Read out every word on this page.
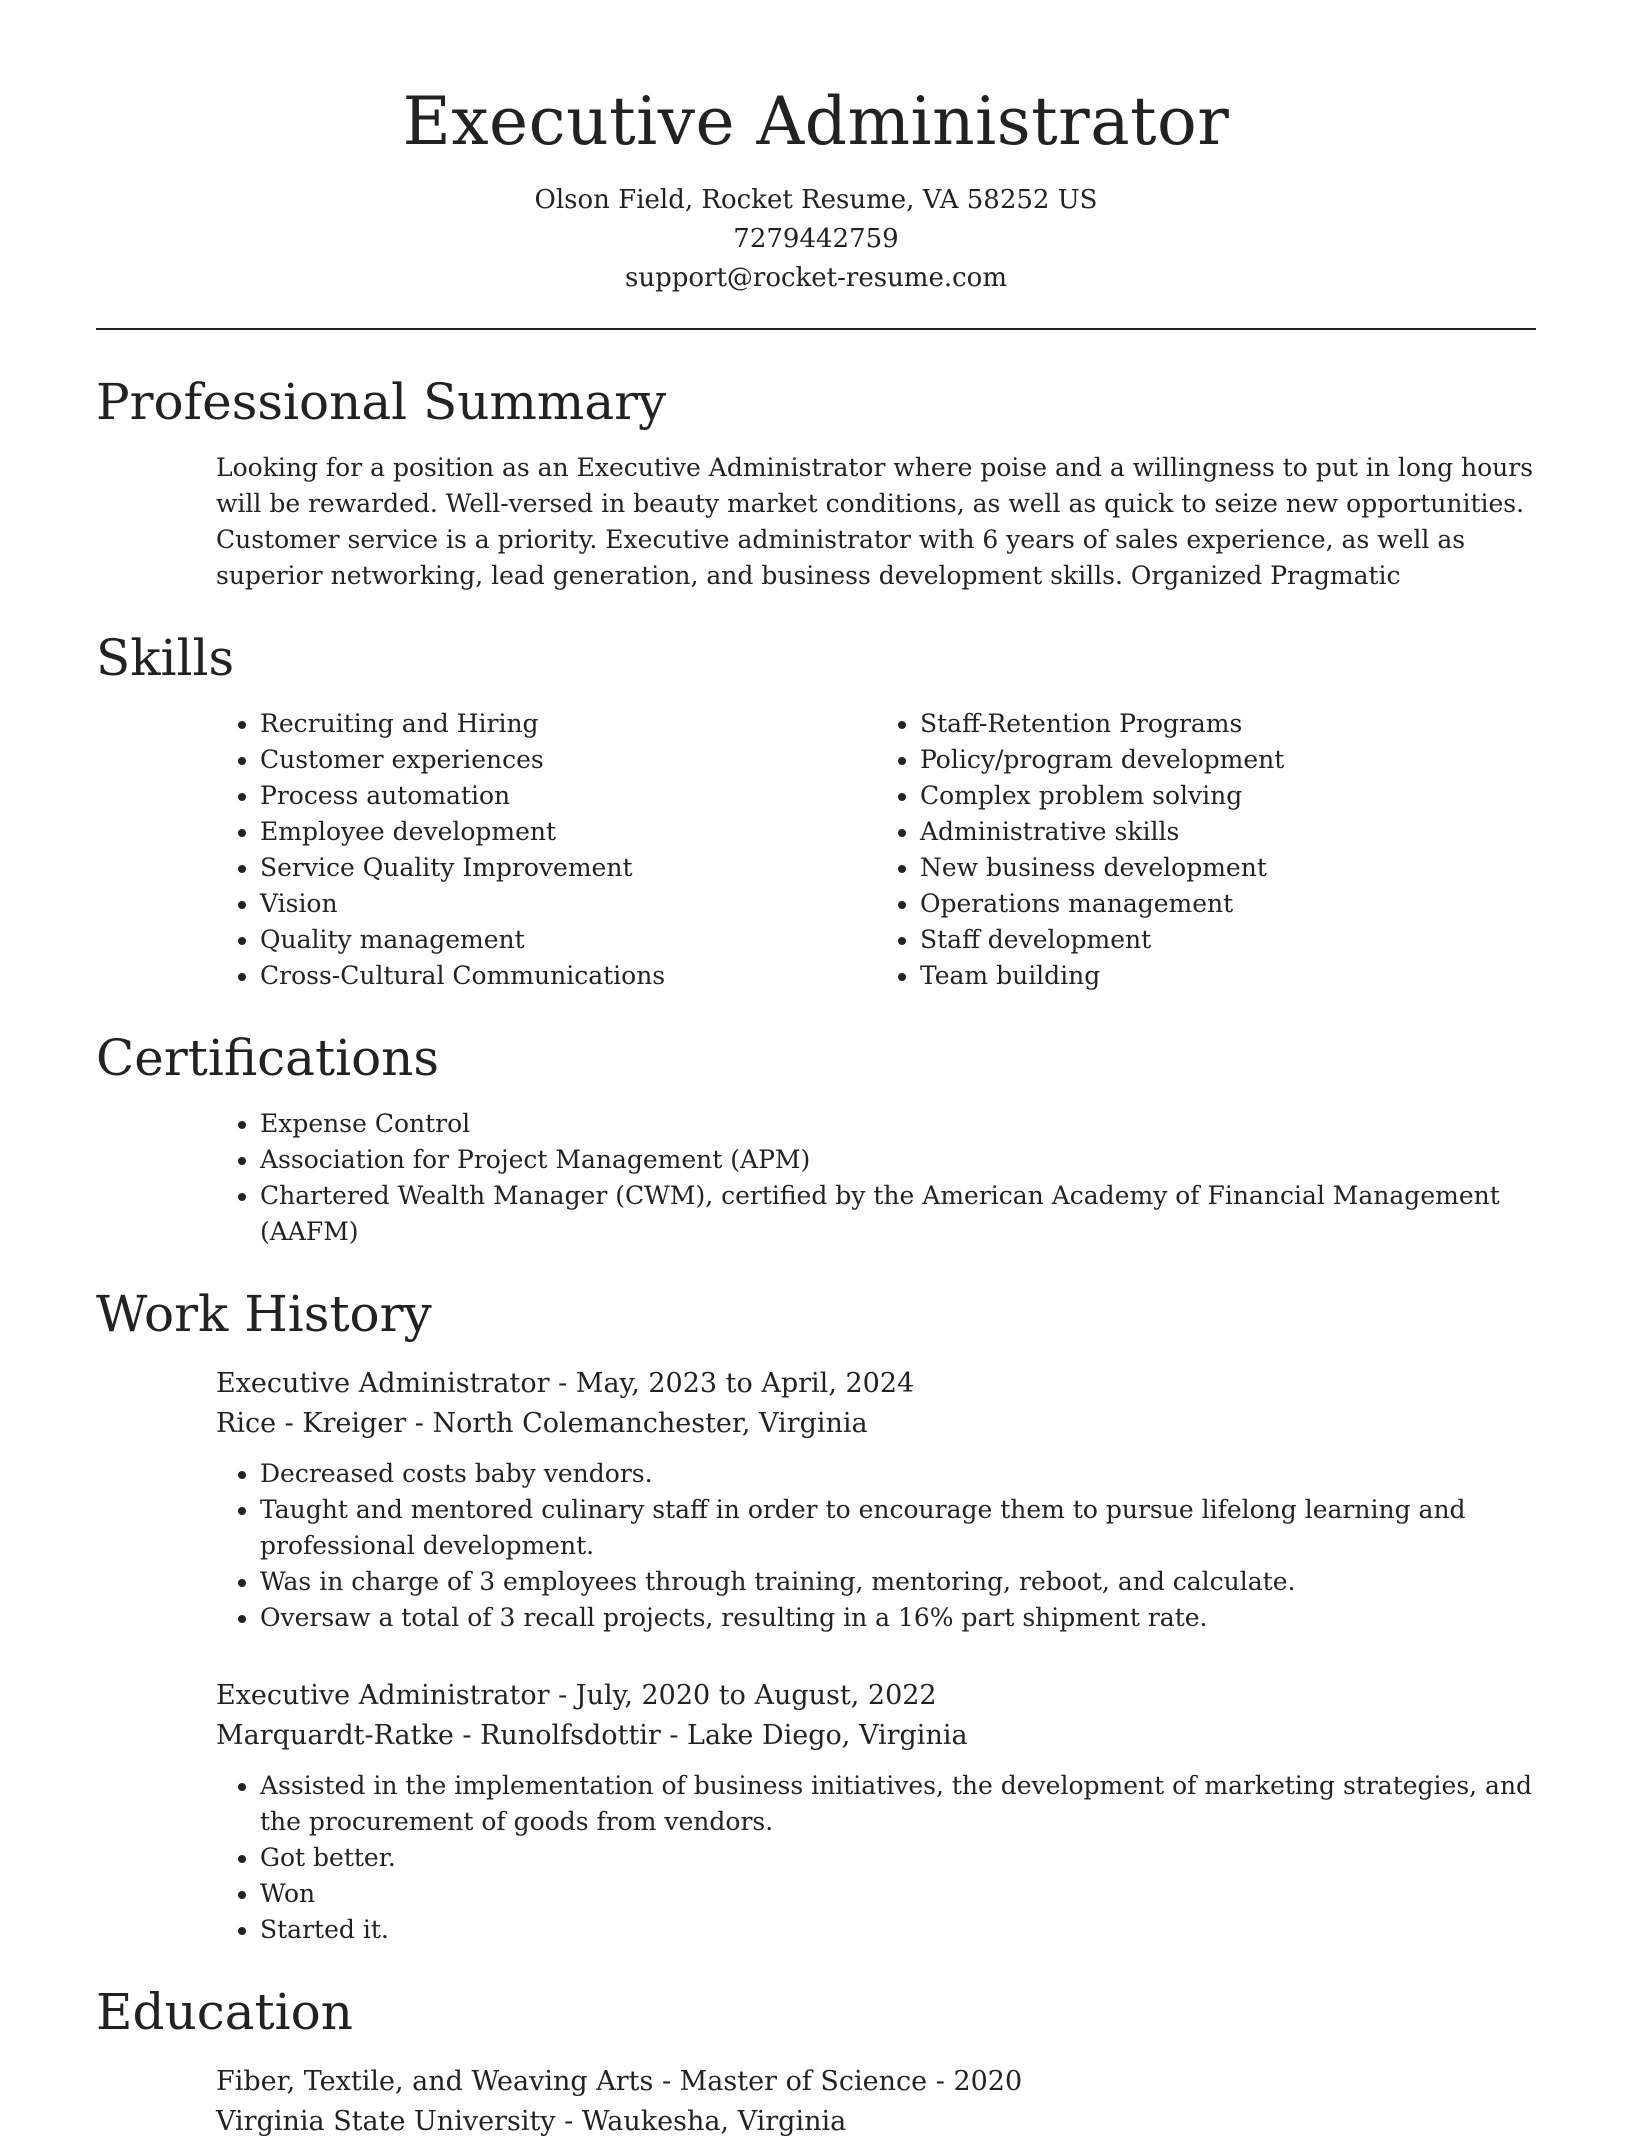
Executive Administrator
Olson Field, Rocket Resume, VA 58252 US
7279442759
support@rocket-resume.com
Professional Summary
Looking for a position as an Executive Administrator where poise and a willingness to put in long hours will be rewarded. Well-versed in beauty market conditions, as well as quick to seize new opportunities. Customer service is a priority. Executive administrator with 6 years of sales experience, as well as superior networking, lead generation, and business development skills. Organized Pragmatic
Skills
• Recruiting and Hiring
• Customer experiences
• Process automation
• Employee development
• Service Quality Improvement
• Vision
• Quality management
• Cross-Cultural Communications
• Staff-Retention Programs
• Policy/program development
• Complex problem solving
• Administrative skills
• New business development
• Operations management
• Staff development
• Team building
Certifications
• Expense Control
• Association for Project Management (APM)
• Chartered Wealth Manager (CWM), certified by the American Academy of Financial Management (AAFM)
Work History
Executive Administrator - May, 2023 to April, 2024
Rice - Kreiger - North Colemanchester, Virginia
• Decreased costs baby vendors.
• Taught and mentored culinary staff in order to encourage them to pursue lifelong learning and professional development.
• Was in charge of 3 employees through training, mentoring, reboot, and calculate.
• Oversaw a total of 3 recall projects, resulting in a 16% part shipment rate.
Executive Administrator - July, 2020 to August, 2022
Marquardt-Ratke - Runolfsdottir - Lake Diego, Virginia
• Assisted in the implementation of business initiatives, the development of marketing strategies, and the procurement of goods from vendors.
• Got better.
• Won
• Started it.
Education
Fiber, Textile, and Weaving Arts - Master of Science - 2020
Virginia State University - Waukesha, Virginia
